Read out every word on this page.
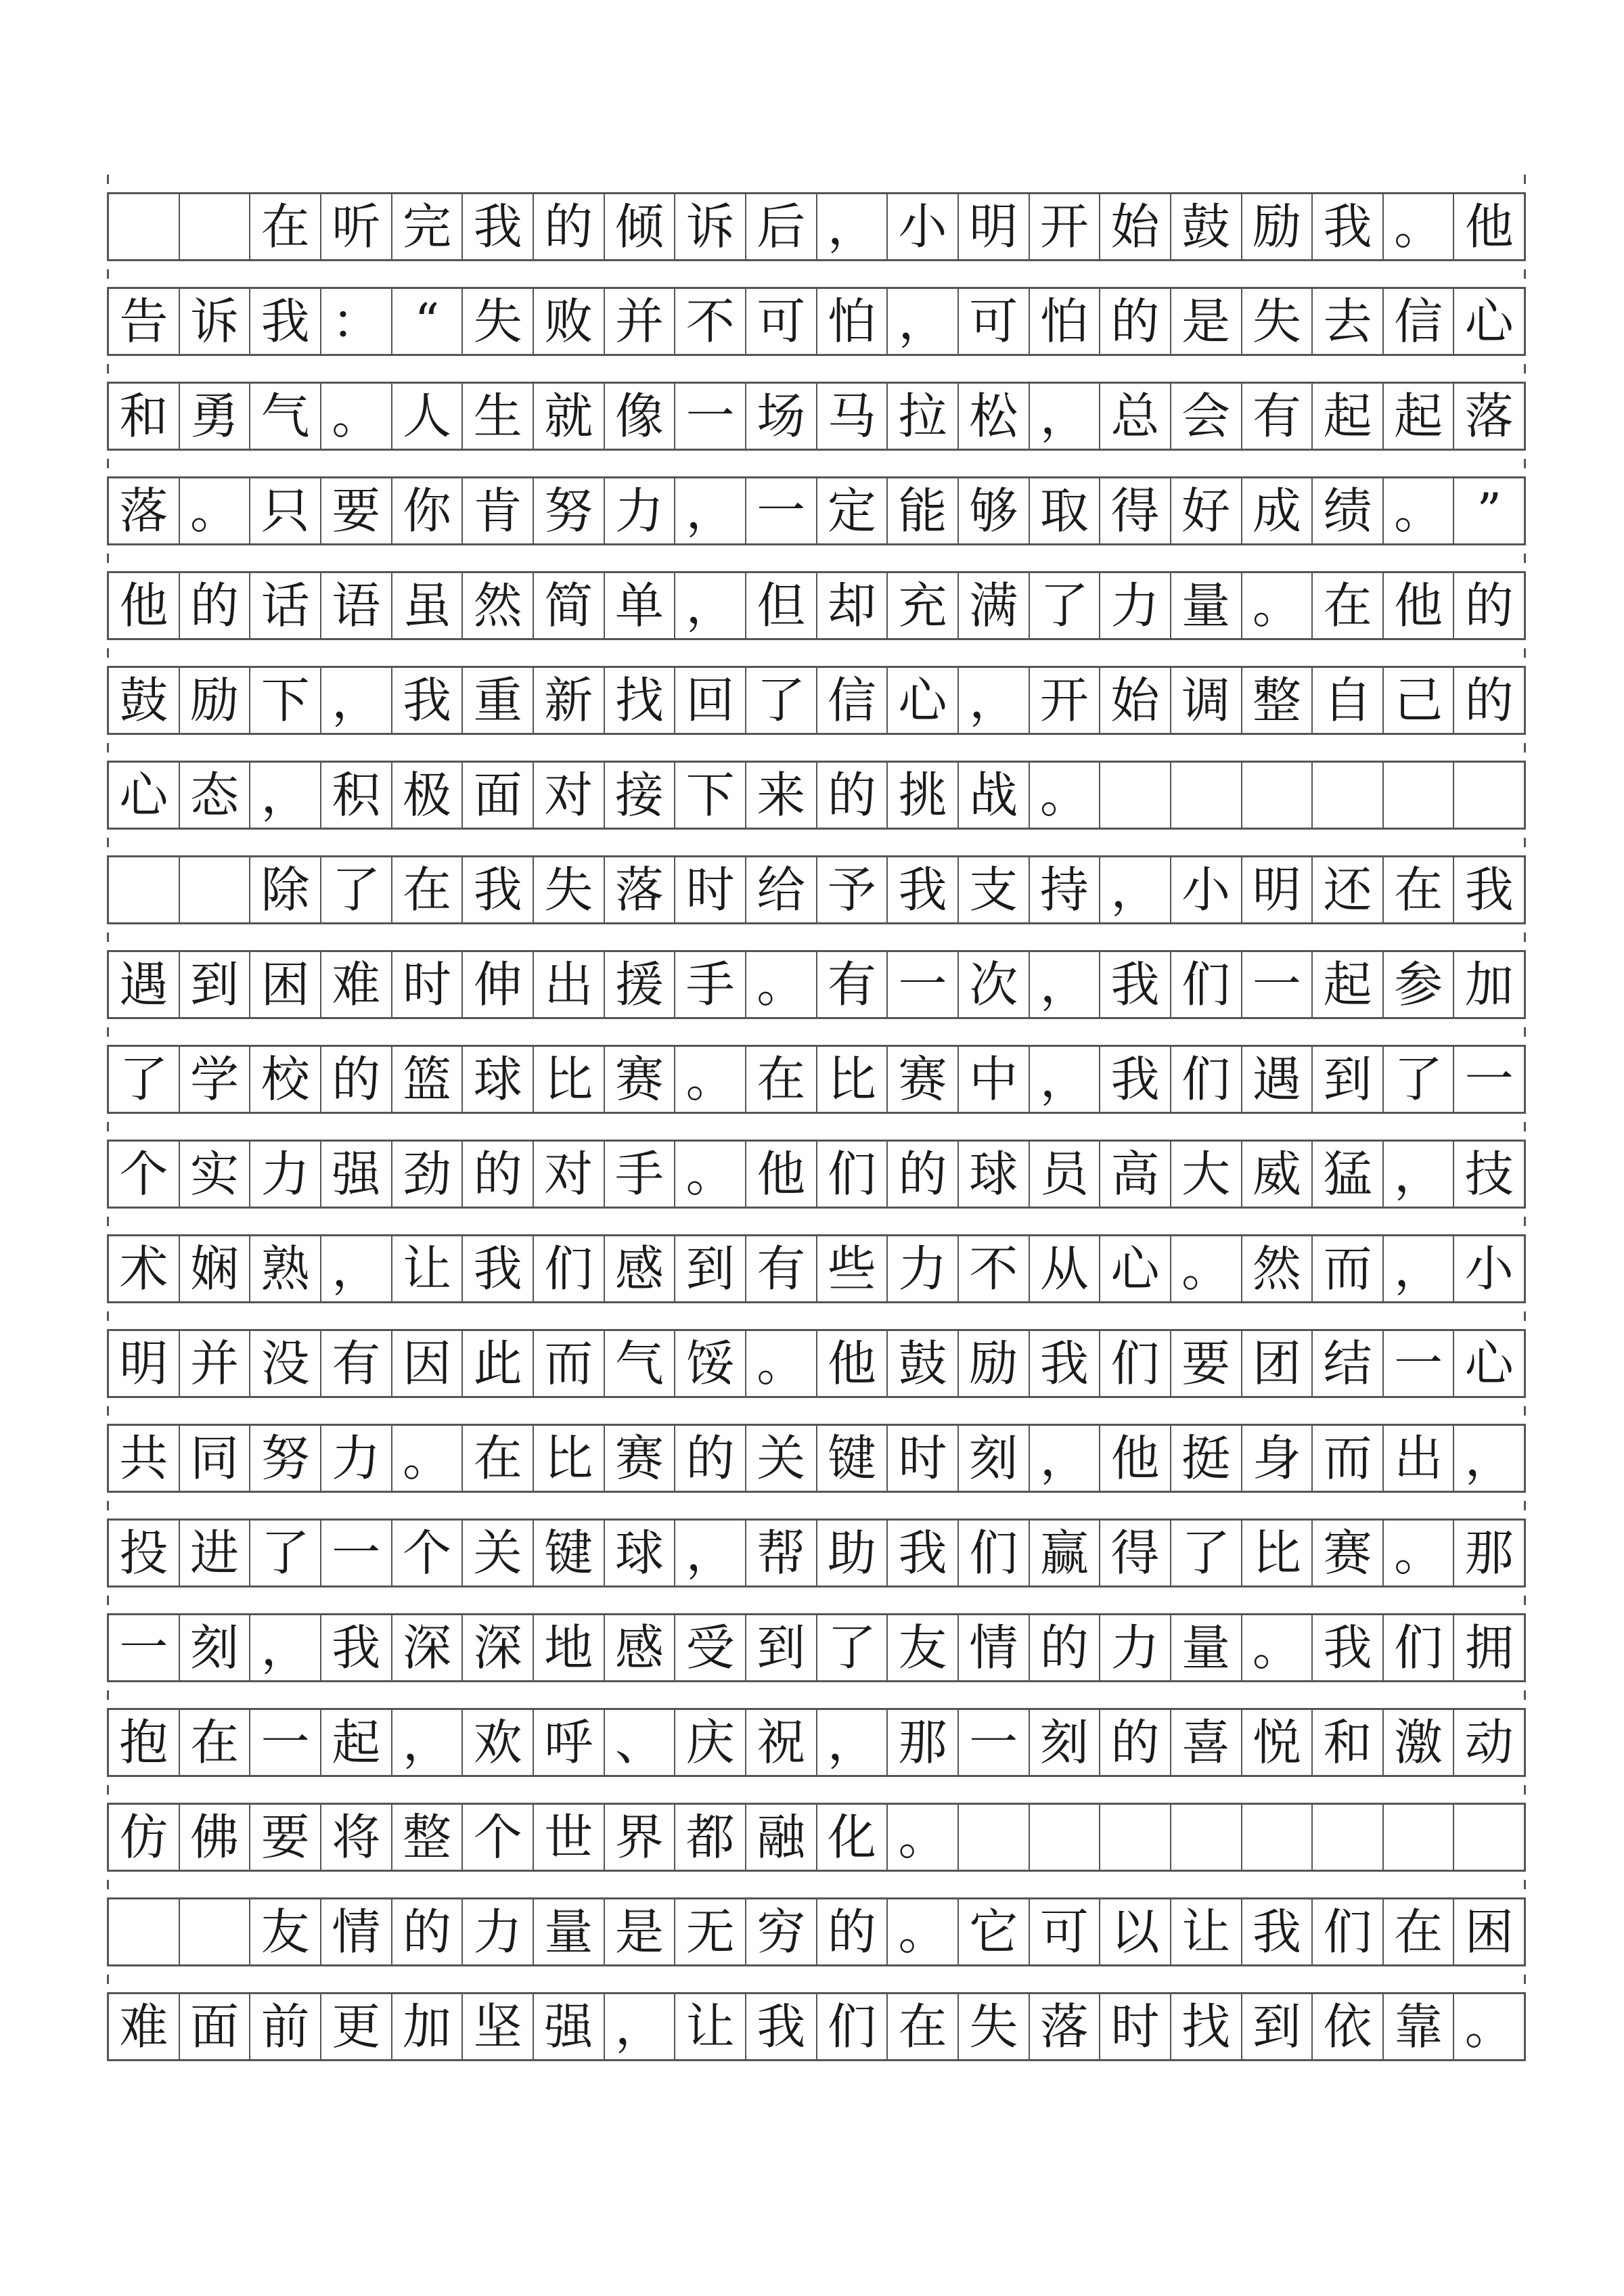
在 听 完 我 的 倾 诉 后 ， 小 明 开 始 鼓 励 我 。 他
告 诉 我 ： “ 失 败 并 不 可 怕 ， 可 怕 的 是 失 去 信 心
和 勇 气 。 人 生 就 像 一 场 马 拉 松 ， 总 会 有 起 起 落
落 。 只 要 你 肯 努 力 ， 一 定 能 够 取 得 好 成 绩 。 ”
他 的 话 语 虽 然 简 单 ， 但 却 充 满 了 力 量 。 在 他 的
鼓 励 下 ， 我 重 新 找 回 了 信 心 ， 开 始 调 整 自 己 的
心 态 ， 积 极 面 对 接 下 来 的 挑 战 。
除 了 在 我 失 落 时 给 予 我 支 持 ， 小 明 还 在 我
遇 到 困 难 时 伸 出 援 手 。 有 一 次 ， 我 们 一 起 参 加
了 学 校 的 篮 球 比 赛 。 在 比 赛 中 ， 我 们 遇 到 了 一
个 实 力 强 劲 的 对 手 。 他 们 的 球 员 高 大 威 猛 ， 技
术 娴 熟 ， 让 我 们 感 到 有 些 力 不 从 心 。 然 而 ， 小
明 并 没 有 因 此 而 气 馁 。 他 鼓 励 我 们 要 团 结 一 心
共 同 努 力 。 在 比 赛 的 关 键 时 刻 ， 他 挺 身 而 出 ，
投 进 了 一 个 关 键 球 ， 帮 助 我 们 赢 得 了 比 赛 。 那
一 刻 ， 我 深 深 地 感 受 到 了 友 情 的 力 量 。 我 们 拥
抱 在 一 起 ， 欢 呼 、 庆 祝 ， 那 一 刻 的 喜 悦 和 激 动
仿 佛 要 将 整 个 世 界 都 融 化 。
友 情 的 力 量 是 无 穷 的 。 它 可 以 让 我 们 在 困
难 面 前 更 加 坚 强 ， 让 我 们 在 失 落 时 找 到 依 靠 。
